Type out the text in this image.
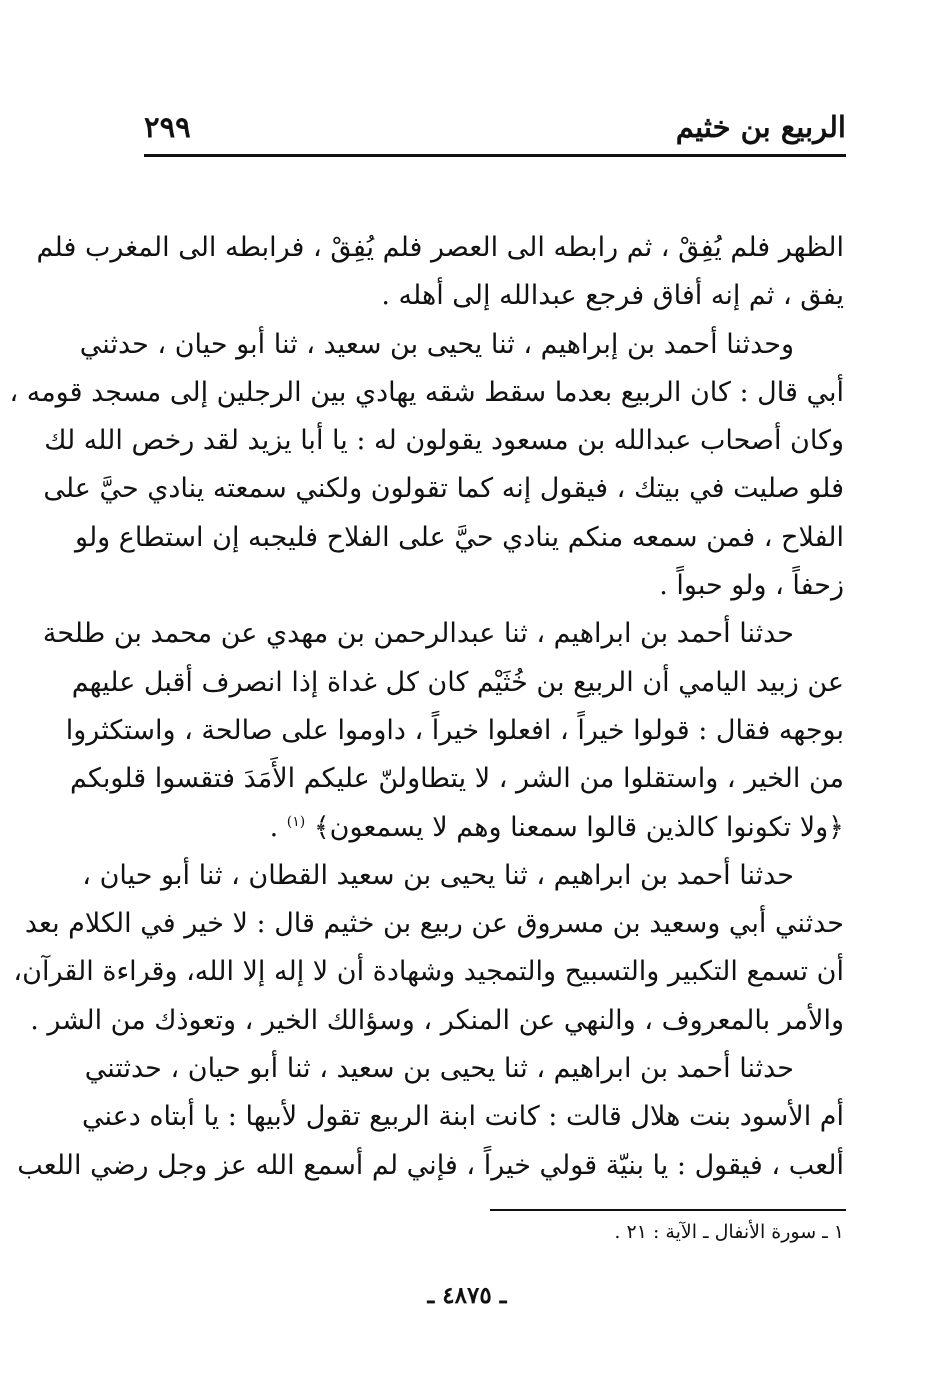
الربيع بن خثيم
٢٩٩
الظهر فلم يُفِقْ ، ثم رابطه الى العصر فلم يُفِقْ ، فرابطه الى المغرب فلم
يفق ، ثم إنه أفاق فرجع عبدالله إلى أهله .
وحدثنا أحمد بن إبراهيم ، ثنا يحيى بن سعيد ، ثنا أبو حيان ، حدثني
أبي قال : كان الربيع بعدما سقط شقه يهادي بين الرجلين إلى مسجد قومه ،
وكان أصحاب عبدالله بن مسعود يقولون له : يا أبا يزيد لقد رخص الله لك
فلو صليت في بيتك ، فيقول إنه كما تقولون ولكني سمعته ينادي حيَّ على
الفلاح ، فمن سمعه منكم ينادي حيَّ على الفلاح فليجبه إن استطاع ولو
زحفاً ، ولو حبواً .
حدثنا أحمد بن ابراهيم ، ثنا عبدالرحمن بن مهدي عن محمد بن طلحة
عن زبيد اليامي أن الربيع بن خُثَيْم كان كل غداة إذا انصرف أقبل عليهم
بوجهه فقال : قولوا خيراً ، افعلوا خيراً ، داوموا على صالحة ، واستكثروا
من الخير ، واستقلوا من الشر ، لا يتطاولنّ عليكم الأَمَدَ فتقسوا قلوبكم
﴿ولا تكونوا كالذين قالوا سمعنا وهم لا يسمعون﴾ $^{(١)}$ .
حدثنا أحمد بن ابراهيم ، ثنا يحيى بن سعيد القطان ، ثنا أبو حيان ،
حدثني أبي وسعيد بن مسروق عن ربيع بن خثيم قال : لا خير في الكلام بعد
أن تسمع التكبير والتسبيح والتمجيد وشهادة أن لا إله إلا الله، وقراءة القرآن،
والأمر بالمعروف ، والنهي عن المنكر ، وسؤالك الخير ، وتعوذك من الشر .
حدثنا أحمد بن ابراهيم ، ثنا يحيى بن سعيد ، ثنا أبو حيان ، حدثتني
أم الأسود بنت هلال قالت : كانت ابنة الربيع تقول لأبيها : يا أبتاه دعني
ألعب ، فيقول : يا بنيّة قولي خيراً ، فإني لم أسمع الله عز وجل رضي اللعب
١ ـ سورة الأنفال ـ الآية : ٢١ .
ـ ٤٨٧٥ ـ
